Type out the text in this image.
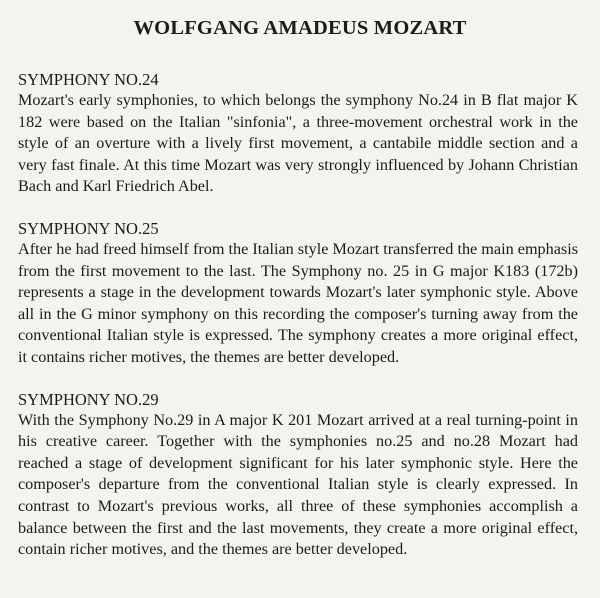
WOLFGANG AMADEUS MOZART

SYMPHONY NO.24

Mozart's early symphonies, to which belongs the symphony No.24 in B flat major K 182 were based on the Italian "sinfonia", a three-movement orchestral work in the style of an overture with a lively first movement, a cantabile middle section and a very fast finale. At this time Mozart was very strongly influenced by Johann Christian Bach and Karl Friedrich Abel.

SYMPHONY NO.25

After he had freed himself from the Italian style Mozart transferred the main emphasis from the first movement to the last. The Symphony no. 25 in G major K183 (172b) represents a stage in the development towards Mozart's later symphonic style. Above all in the G minor symphony on this recording the composer's turning away from the conventional Italian style is expressed. The symphony creates a more original effect, it contains richer motives, the themes are better developed.

SYMPHONY NO.29

With the Symphony No.29 in A major K 201 Mozart arrived at a real turning-point in his creative career. Together with the symphonies no.25 and no.28 Mozart had reached a stage of development significant for his later symphonic style. Here the composer's departure from the conventional Italian style is clearly expressed. In contrast to Mozart's previous works, all three of these symphonies accomplish a balance between the first and the last movements, they create a more original effect, contain richer motives, and the themes are better developed.
